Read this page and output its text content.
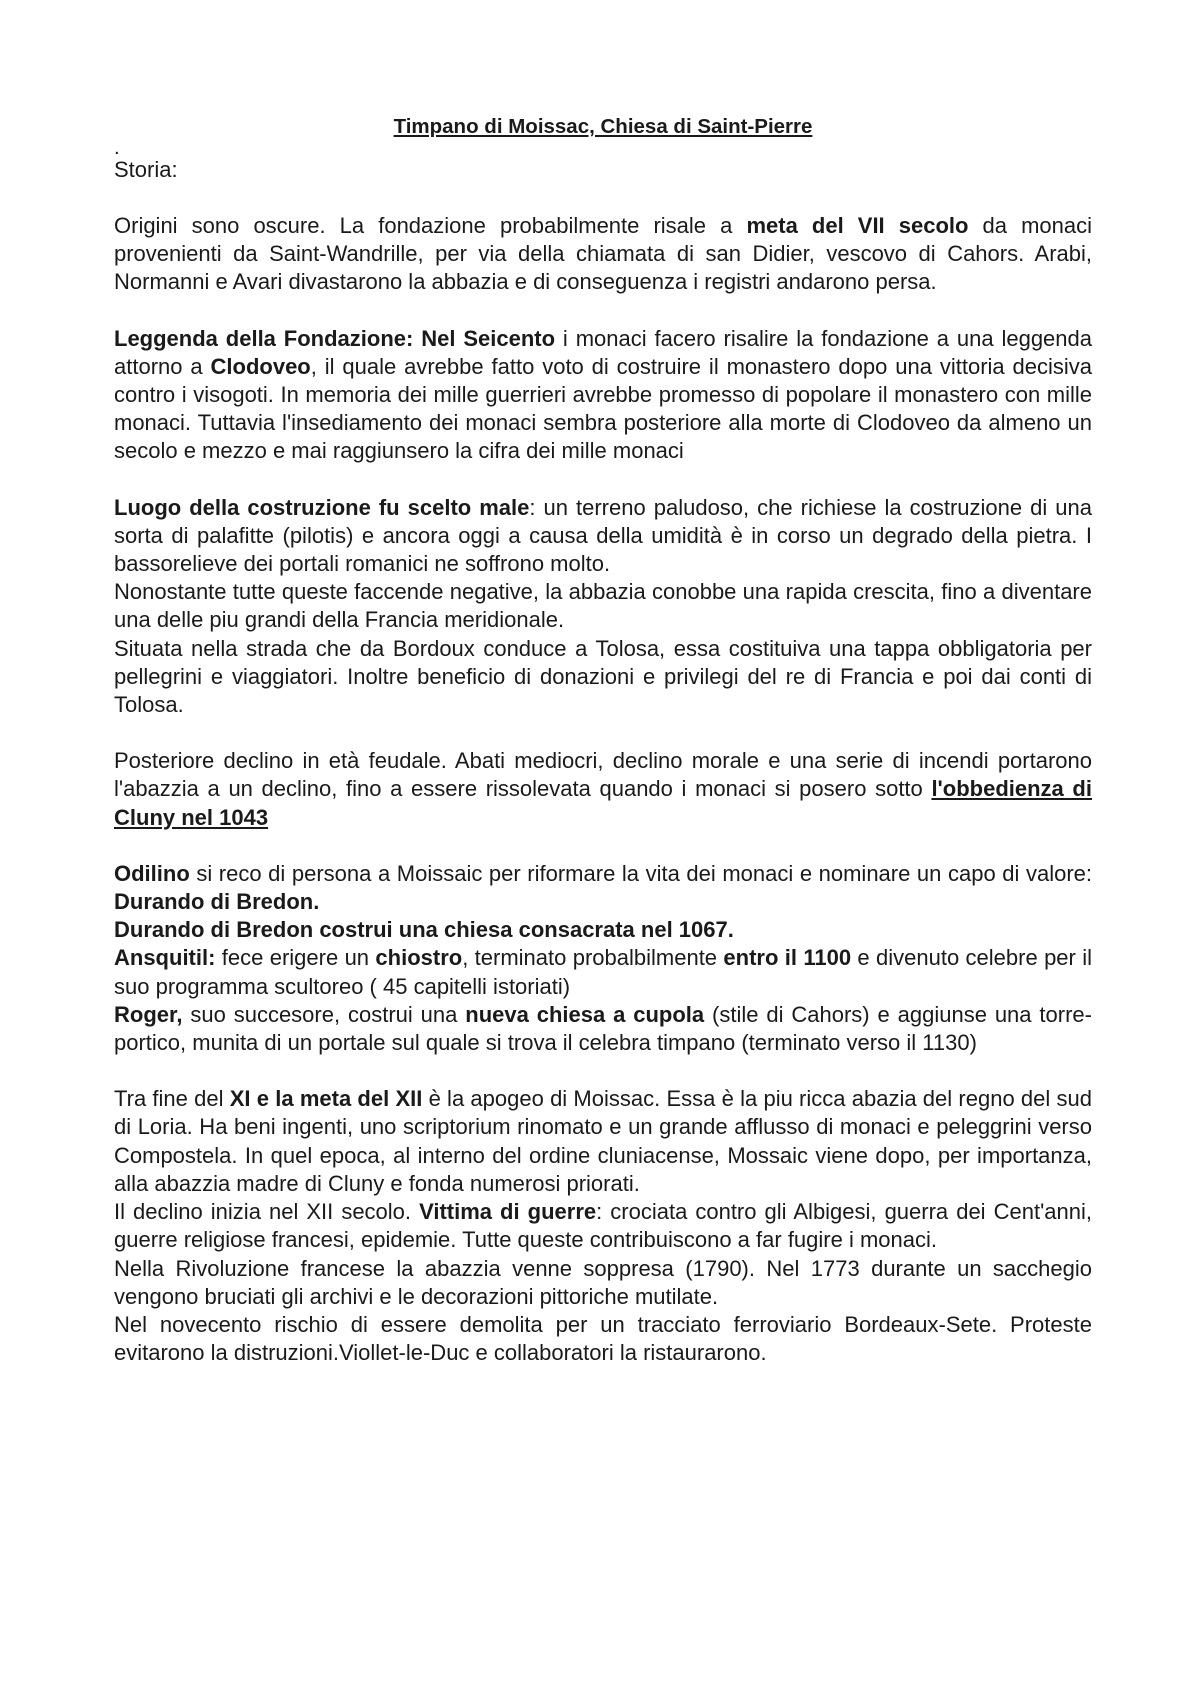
Timpano di Moissac, Chiesa di Saint-Pierre

.

Storia:

Origini sono oscure. La fondazione probabilmente risale a meta del VII secolo da monaci provenienti da Saint-Wandrille, per via della chiamata di san Didier, vescovo di Cahors. Arabi, Normanni e Avari divastarono la abbazia e di conseguenza i registri andarono persa.

Leggenda della Fondazione: Nel Seicento i monaci facero risalire la fondazione a una leggenda attorno a Clodoveo, il quale avrebbe fatto voto di costruire il monastero dopo una vittoria decisiva contro i visogoti. In memoria dei mille guerrieri avrebbe promesso di popolare il monastero con mille monaci. Tuttavia l'insediamento dei monaci sembra posteriore alla morte di Clodoveo da almeno un secolo e mezzo e mai raggiunsero la cifra dei mille monaci

Luogo della costruzione fu scelto male: un terreno paludoso, che richiese la costruzione di una sorta di palafitte (pilotis) e ancora oggi a causa della umidità è in corso un degrado della pietra. I bassorelieve dei portali romanici ne soffrono molto.

Nonostante tutte queste faccende negative, la abbazia conobbe una rapida crescita, fino a diventare una delle piu grandi della Francia meridionale.

Situata nella strada che da Bordoux conduce a Tolosa, essa costituiva una tappa obbligatoria per pellegrini e viaggiatori. Inoltre beneficio di donazioni e privilegi del re di Francia e poi dai conti di Tolosa.

Posteriore declino in età feudale. Abati mediocri, declino morale e una serie di incendi portarono l'abazzia a un declino, fino a essere rissolevata quando i monaci si posero sotto l'obbedienza di Cluny nel 1043

Odilino si reco di persona a Moissaic per riformare la vita dei monaci e nominare un capo di valore: Durando di Bredon.

Durando di Bredon costrui una chiesa consacrata nel 1067.

Ansquitil: fece erigere un chiostro, terminato probalbilmente entro il 1100 e divenuto celebre per il suo programma scultoreo ( 45 capitelli istoriati)

Roger, suo succesore, costrui una nueva chiesa a cupola (stile di Cahors) e aggiunse una torre-portico, munita di un portale sul quale si trova il celebra timpano (terminato verso il 1130)

Tra fine del XI e la meta del XII è la apogeo di Moissac. Essa è la piu ricca abazia del regno del sud di Loria. Ha beni ingenti, uno scriptorium rinomato e un grande afflusso di monaci e peleggrini verso Compostela. In quel epoca, al interno del ordine cluniacense, Mossaic viene dopo, per importanza, alla abazzia madre di Cluny e fonda numerosi priorati.

Il declino inizia nel XII secolo. Vittima di guerre: crociata contro gli Albigesi, guerra dei Cent'anni, guerre religiose francesi, epidemie. Tutte queste contribuiscono a far fugire i monaci.

Nella Rivoluzione francese la abazzia venne soppresa (1790). Nel 1773 durante un sacchegio vengono bruciati gli archivi e le decorazioni pittoriche mutilate.

Nel novecento rischio di essere demolita per un tracciato ferroviario Bordeaux-Sete. Proteste evitarono la distruzioni.Viollet-le-Duc e collaboratori la ristaurarono.
